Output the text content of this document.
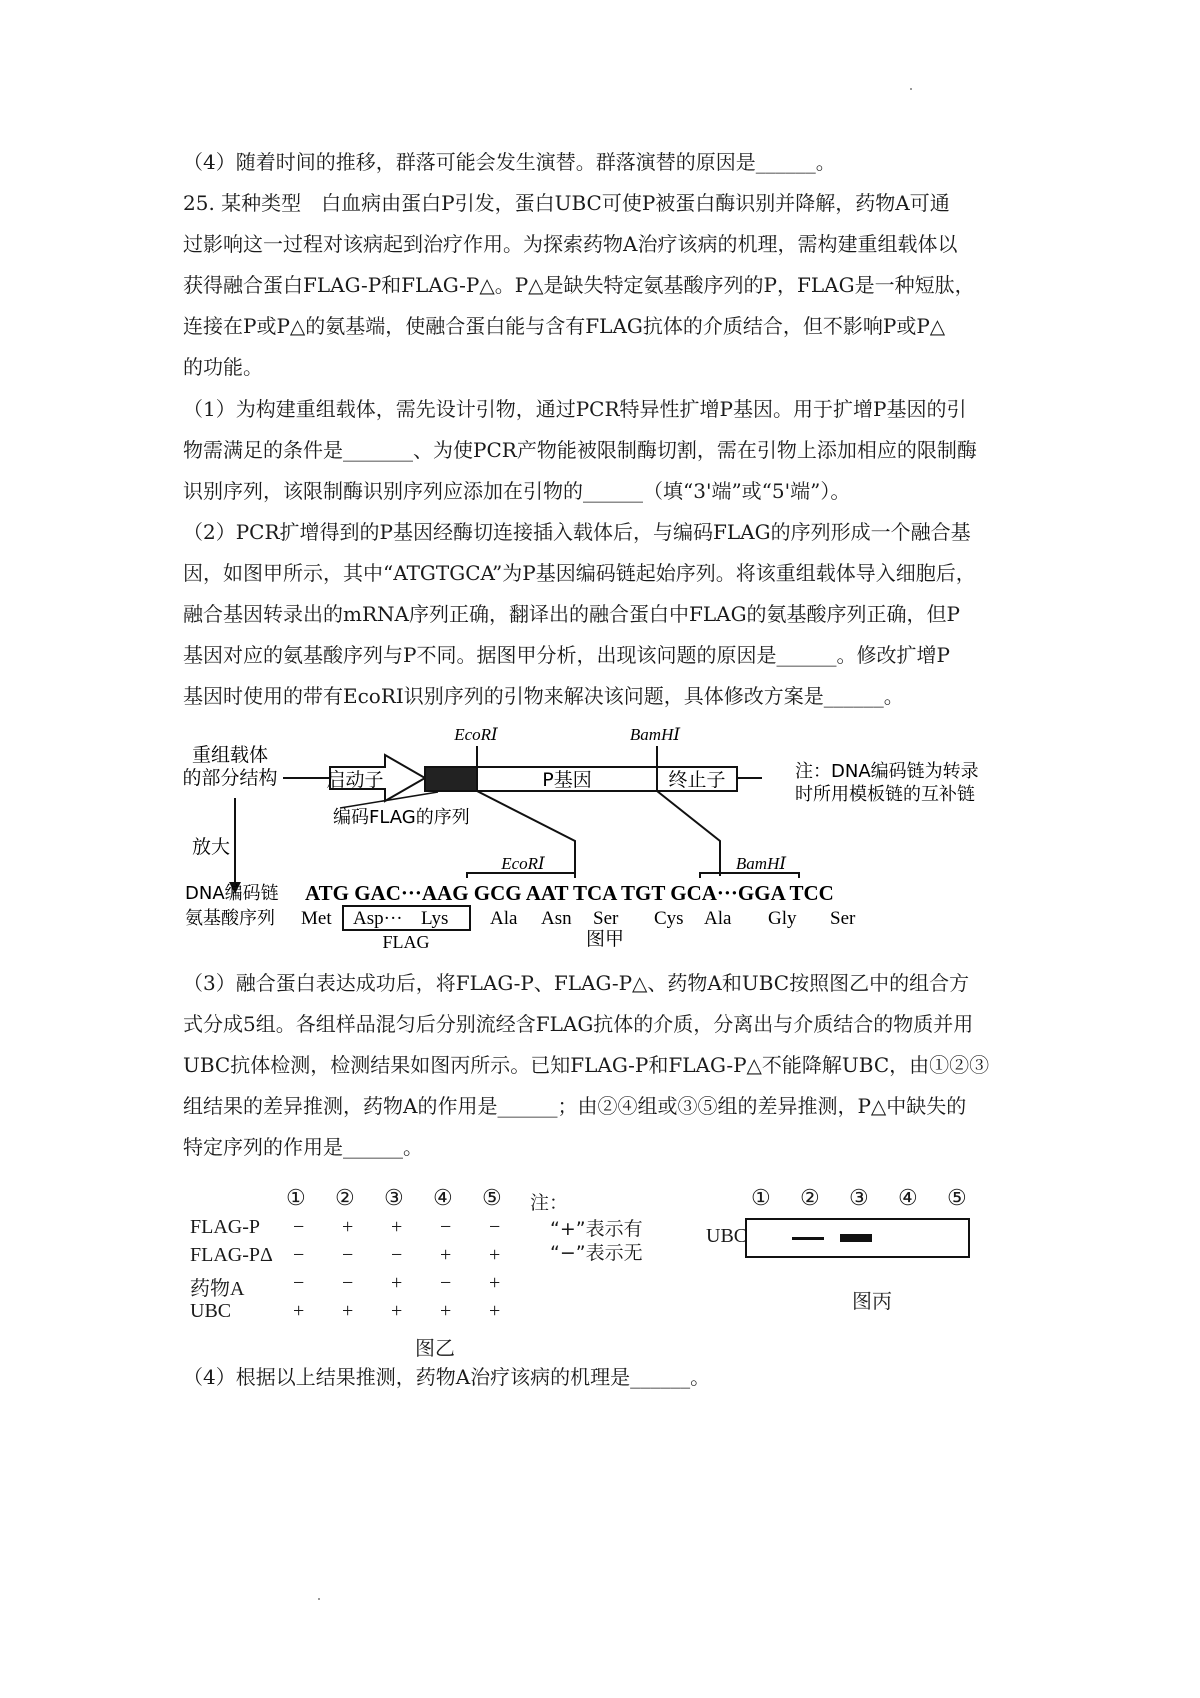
（4）随着时间的推移，群落可能会发生演替。群落演替的原因是______。
25. 某种类型　白血病由蛋白P引发，蛋白UBC可使P被蛋白酶识别并降解，药物A可通
过影响这一过程对该病起到治疗作用。为探索药物A治疗该病的机理，需构建重组载体以
获得融合蛋白FLAG-P和FLAG-P△。P△是缺失特定氨基酸序列的P，FLAG是一种短肽，
连接在P或P△的氨基端，使融合蛋白能与含有FLAG抗体的介质结合，但不影响P或P△
的功能。
（1）为构建重组载体，需先设计引物，通过PCR特异性扩增P基因。用于扩增P基因的引
物需满足的条件是_______、为使PCR产物能被限制酶切割，需在引物上添加相应的限制酶
识别序列，该限制酶识别序列应添加在引物的______（填“3'端”或“5'端”）。
（2）PCR扩增得到的P基因经酶切连接插入载体后，与编码FLAG的序列形成一个融合基
因，如图甲所示，其中“ATGTGCA”为P基因编码链起始序列。将该重组载体导入细胞后，
融合基因转录出的mRNA序列正确，翻译出的融合蛋白中FLAG的氨基酸序列正确，但P
基因对应的氨基酸序列与P不同。据图甲分析，出现该问题的原因是______。修改扩增P
基因时使用的带有EcoRⅠ识别序列的引物来解决该问题，具体修改方案是______。
重组载体
的部分结构	启动子	P基因	终止子
EcoRⅠ	BamHⅠ
注：DNA编码链为转录
时所用模板链的互补链
编码FLAG的序列
放大
EcoRⅠ	BamHⅠ
DNA编码链
氨基酸序列
ATG GAC···AAG GCG AAT TCA TGT GCA···GGA TCC
Met Asp··· Lys Ala Asn Ser Cys Ala Gly Ser
FLAG	图甲
（3）融合蛋白表达成功后，将FLAG-P、FLAG-P△、药物A和UBC按照图乙中的组合方
式分成5组。各组样品混匀后分别流经含FLAG抗体的介质，分离出与介质结合的物质并用
UBC抗体检测，检测结果如图丙所示。已知FLAG-P和FLAG-P△不能降解UBC，由①②③
组结果的差异推测，药物A的作用是______；由②④组或③⑤组的差异推测，P△中缺失的
特定序列的作用是______。
① ② ③ ④ ⑤
FLAG-P − + + − −
FLAG-PΔ − − − + +
药物A − − + − +
UBC	+ + + + +
图乙
注：
“+”表示有
“−”表示无
① ② ③ ④ ⑤
UBC
图丙
（4）根据以上结果推测，药物A治疗该病的机理是______。
